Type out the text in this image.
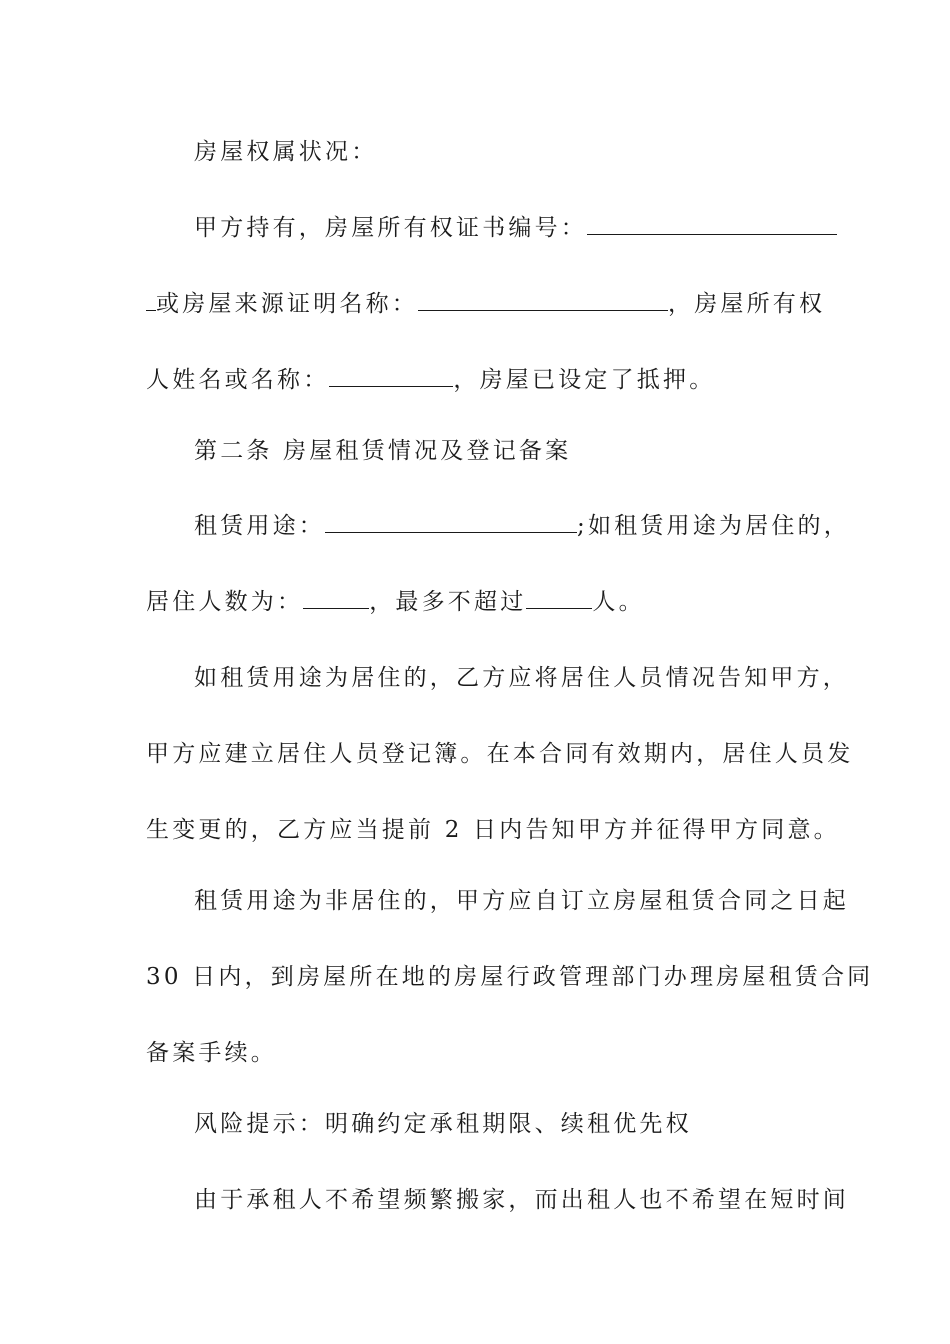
房屋权属状况：
甲方持有，房屋所有权证书编号：
或房屋来源证明名称：	，房屋所有权
人姓名或名称：	，房屋已设定了抵押。
第二条 房屋租赁情况及登记备案
租赁用途：	;如租赁用途为居住的，
居住人数为：	，最多不超过	人。
如租赁用途为居住的，乙方应将居住人员情况告知甲方，
甲方应建立居住人员登记簿。在本合同有效期内，居住人员发
生变更的，乙方应当提前 2 日内告知甲方并征得甲方同意。
租赁用途为非居住的，甲方应自订立房屋租赁合同之日起
30 日内，到房屋所在地的房屋行政管理部门办理房屋租赁合同
备案手续。
风险提示：明确约定承租期限、续租优先权
由于承租人不希望频繁搬家，而出租人也不希望在短时间
